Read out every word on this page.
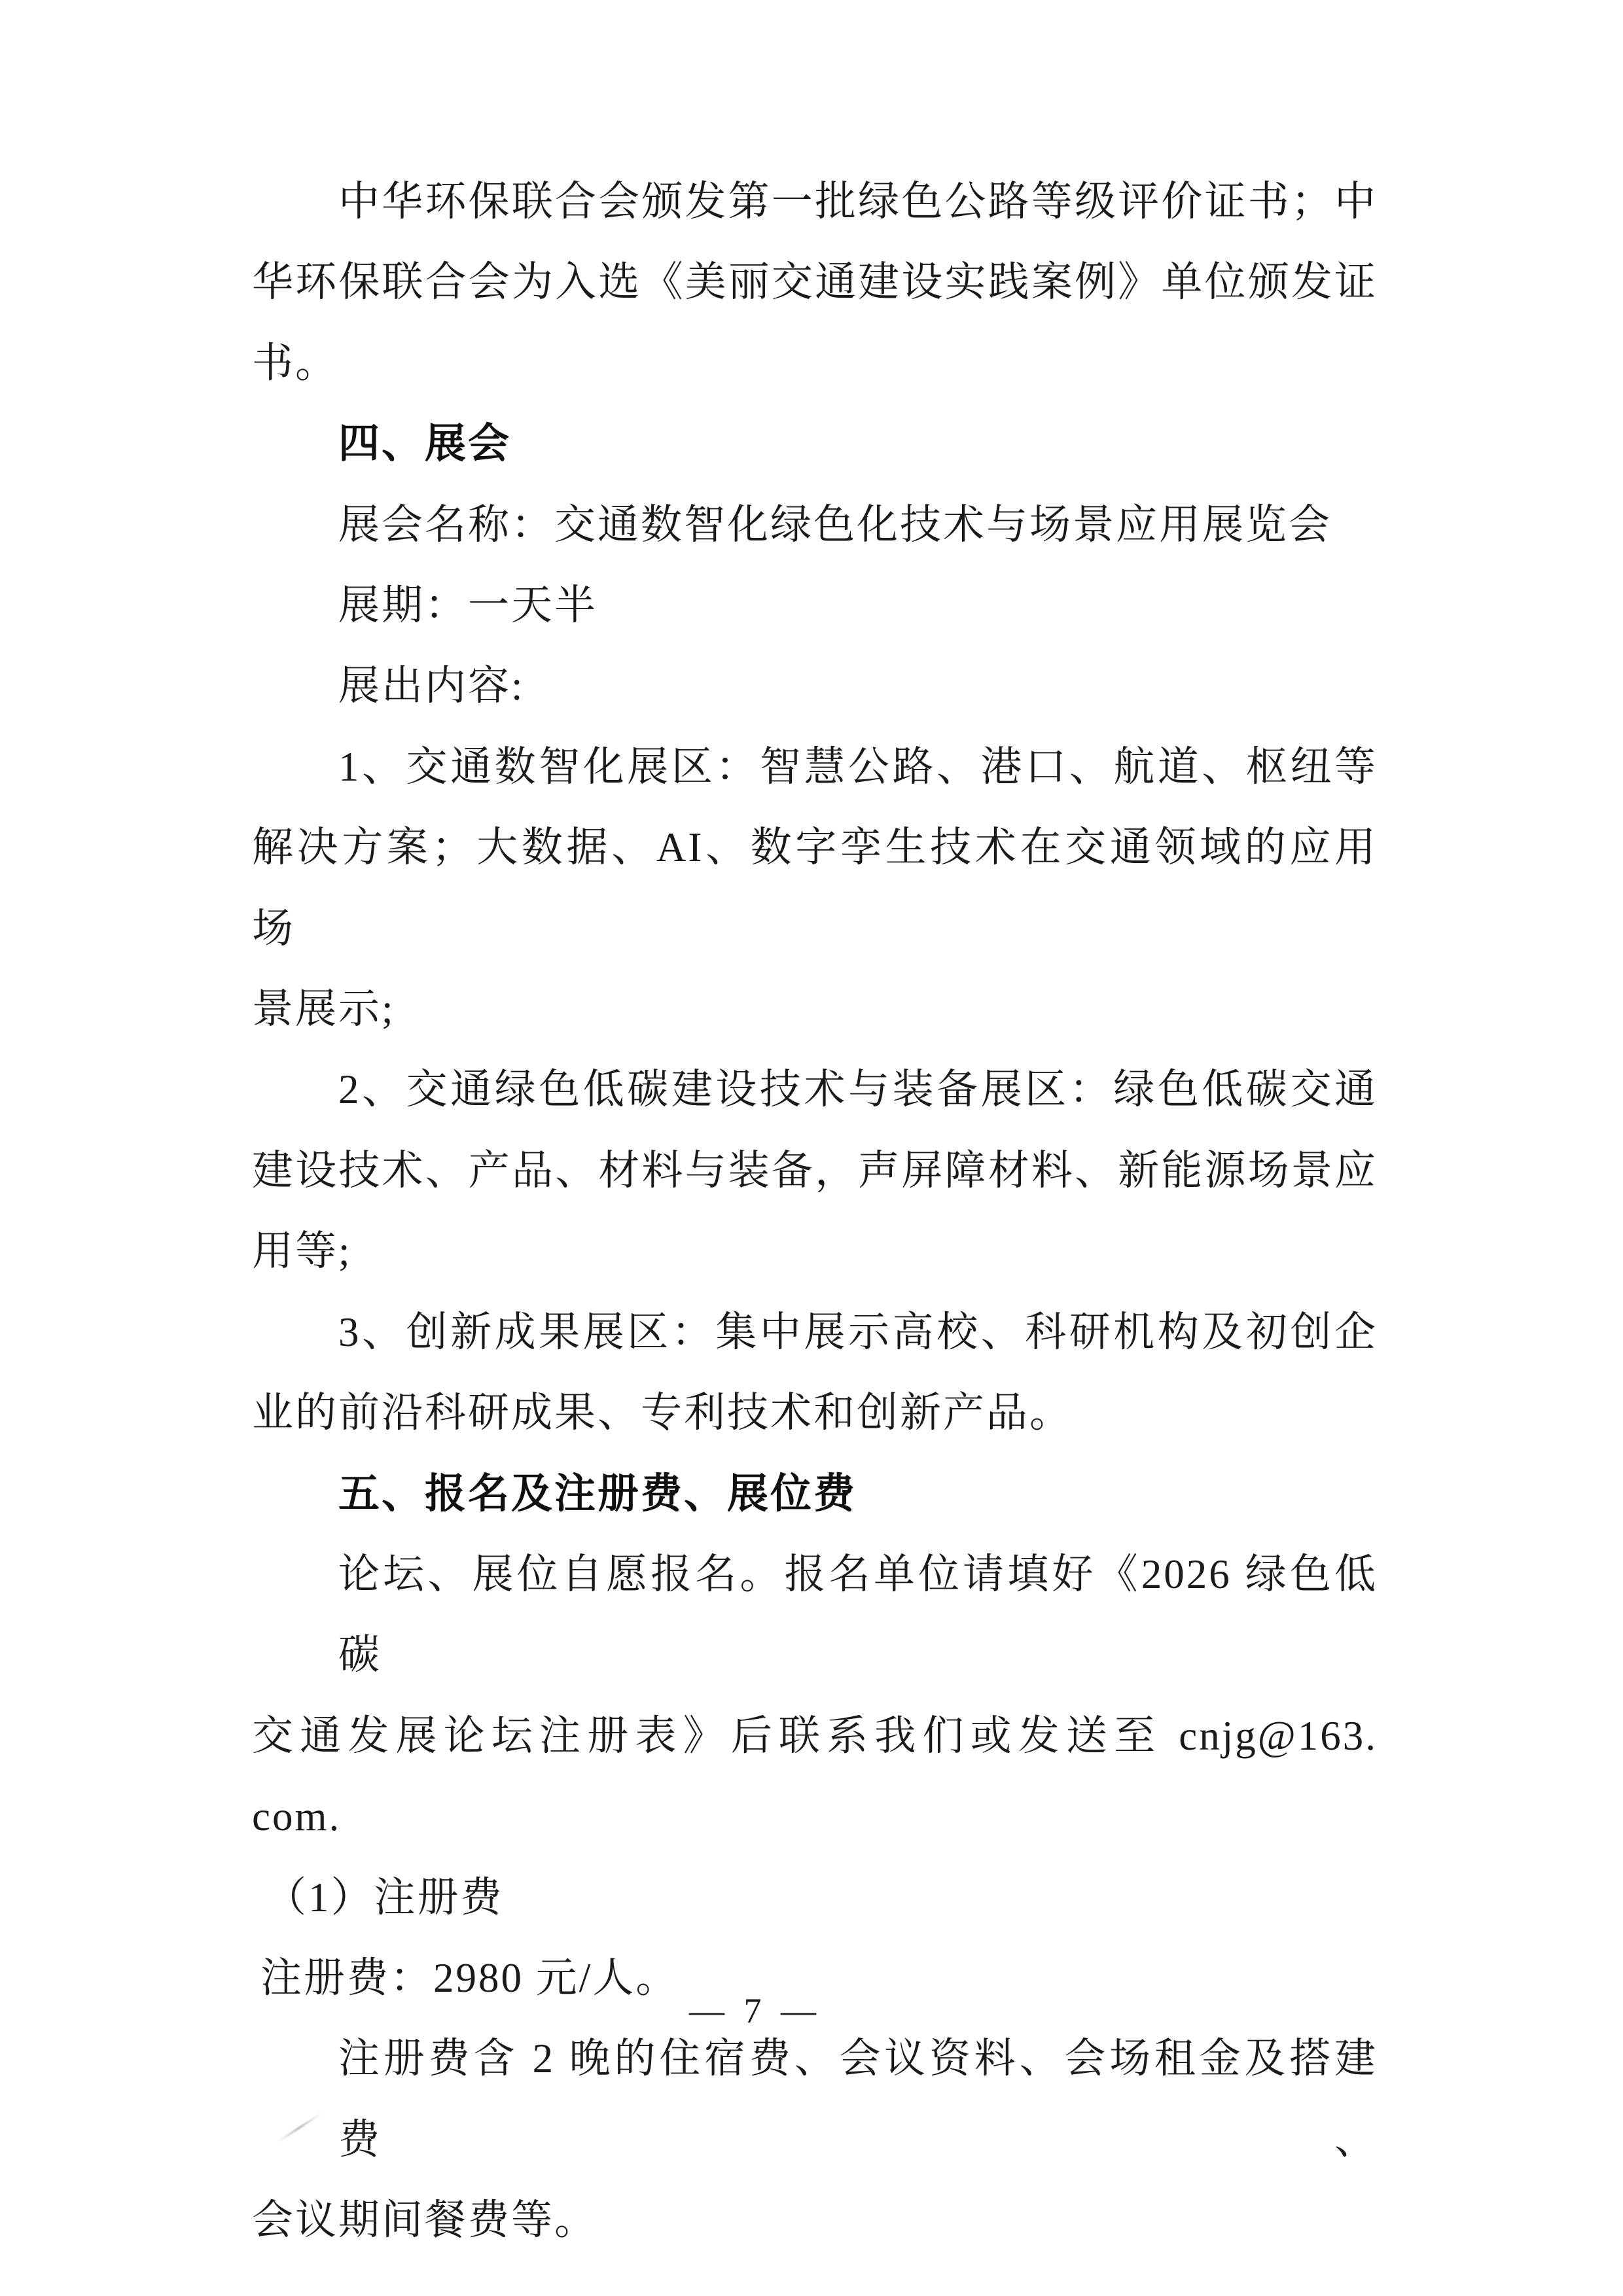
中华环保联合会颁发第一批绿色公路等级评价证书；中
华环保联合会为入选《美丽交通建设实践案例》单位颁发证
书。
四、展会
展会名称：交通数智化绿色化技术与场景应用展览会
展期：一天半
展出内容:
1、交通数智化展区：智慧公路、港口、航道、枢纽等
解决方案；大数据、AI、数字孪生技术在交通领域的应用场
景展示;
2、交通绿色低碳建设技术与装备展区：绿色低碳交通
建设技术、产品、材料与装备，声屏障材料、新能源场景应
用等;
3、创新成果展区：集中展示高校、科研机构及初创企
业的前沿科研成果、专利技术和创新产品。
五、报名及注册费、展位费
论坛、展位自愿报名。报名单位请填好《2026 绿色低碳
交通发展论坛注册表》后联系我们或发送至 cnjg@163. com.
（1）注册费
注册费：2980 元/人。
注册费含 2 晚的住宿费、会议资料、会场租金及搭建费、
会议期间餐费等。
— 7 —
